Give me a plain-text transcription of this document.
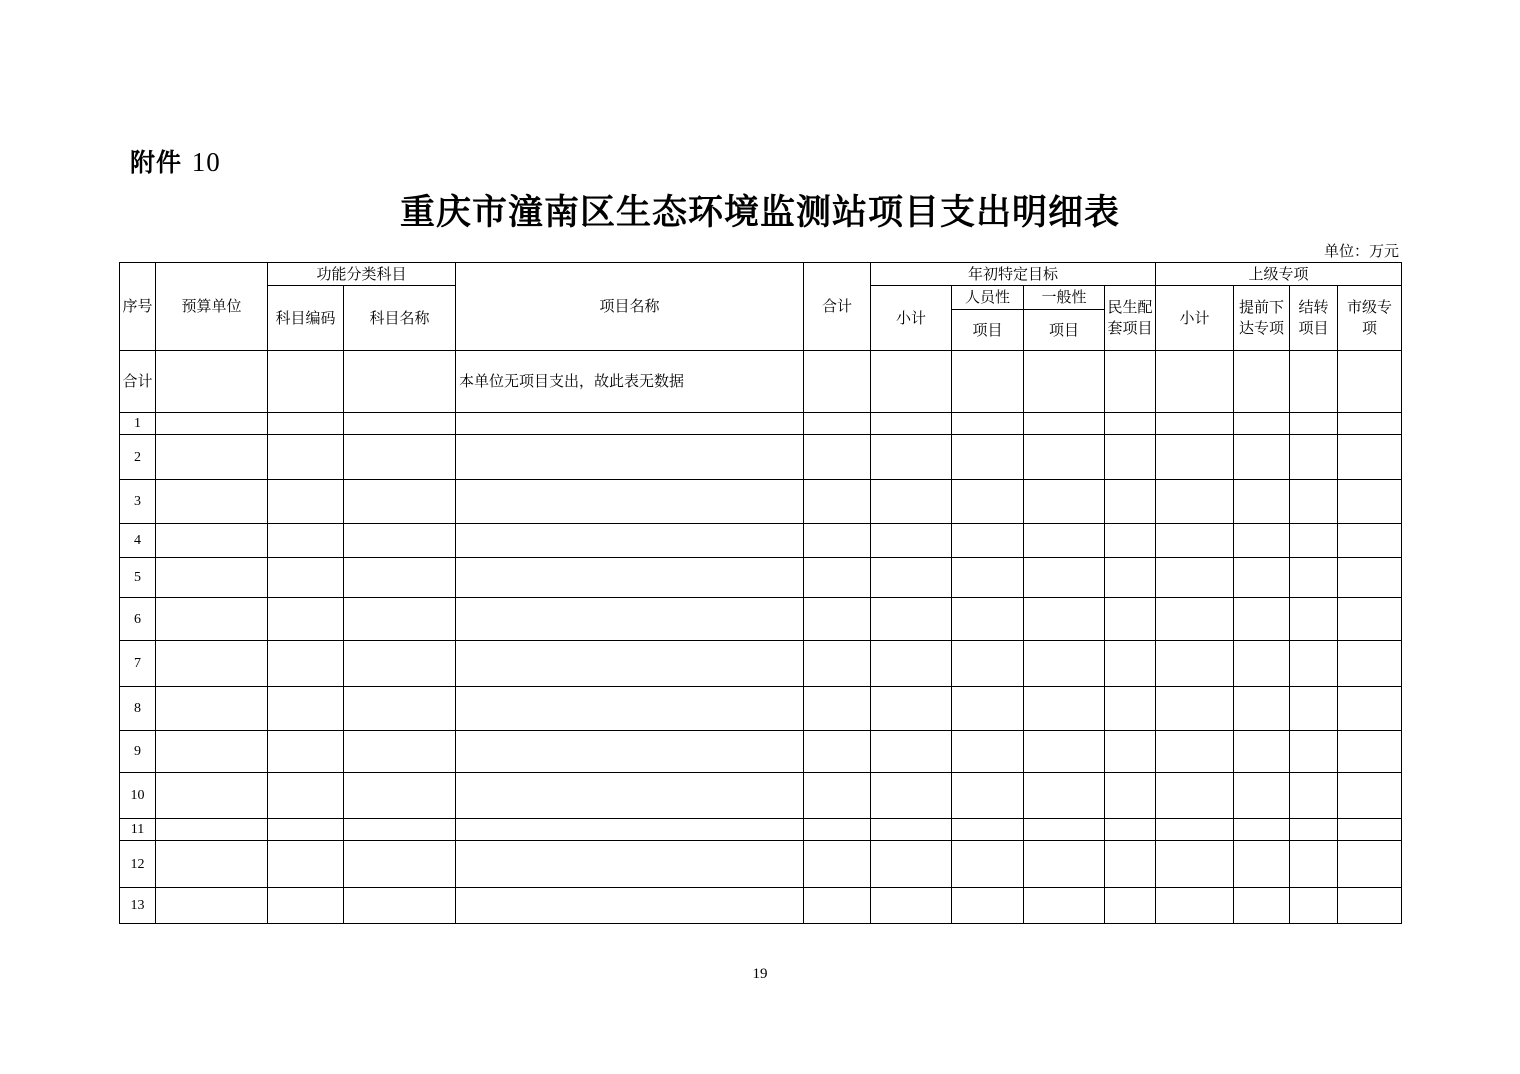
附件 10
重庆市潼南区生态环境监测站项目支出明细表
单位：万元
序号	预算单位	功能分类科目		项目名称	合计	年初特定目标				上级专项			
		科目编码	科目名称			小计	人员性	一般性	民生配套项目	小计	提前下达专项	结转项目	市级专项
							项目	项目					
合计				本单位无项目支出，故此表无数据									
1													
2													
3													
4													
5													
6													
7													
8													
9													
10													
11													
12													
13													
19
